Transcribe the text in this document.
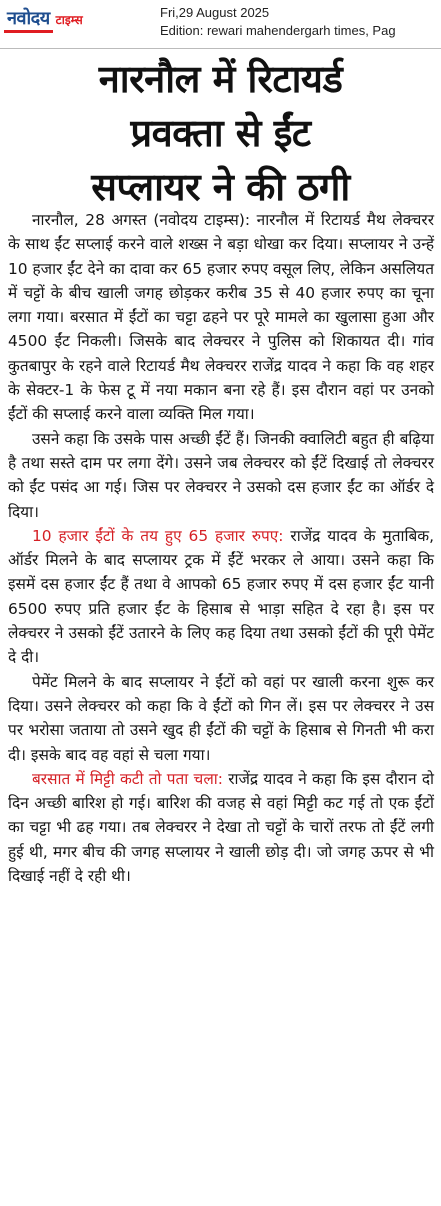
नवोदय टाइम्स	Fri,29 August 2025
Edition: rewari mahendergarh times, Pag
नारनौल में रिटायर्ड
प्रवक्ता से ईंट
सप्लायर ने की ठगी

नारनौल, 28 अगस्त (नवोदय टाइम्स): नारनौल में रिटायर्ड मैथ लेक्चरर के साथ ईंट सप्लाई करने वाले शख्स ने बड़ा धोखा कर दिया। सप्लायर ने उन्हें 10 हजार ईंट देने का दावा कर 65 हजार रुपए वसूल लिए, लेकिन असलियत में चट्टों के बीच खाली जगह छोड़कर करीब 35 से 40 हजार रुपए का चूना लगा गया। बरसात में ईंटों का चट्टा ढहने पर पूरे मामले का खुलासा हुआ और 4500 ईंट निकली। जिसके बाद लेक्चरर ने पुलिस को शिकायत दी। गांव कुतबापुर के रहने वाले रिटायर्ड मैथ लेक्चरर राजेंद्र यादव ने कहा कि वह शहर के सेक्टर-1 के फेस टू में नया मकान बना रहे हैं। इस दौरान वहां पर उनको ईंटों की सप्लाई करने वाला व्यक्ति मिल गया।

उसने कहा कि उसके पास अच्छी ईंटें हैं। जिनकी क्वालिटी बहुत ही बढ़िया है तथा सस्ते दाम पर लगा देंगे। उसने जब लेक्चरर को ईंटें दिखाई तो लेक्चरर को ईंट पसंद आ गई। जिस पर लेक्चरर ने उसको दस हजार ईंट का ऑर्डर दे दिया।

10 हजार ईंटों के तय हुए 65 हजार रुपए: राजेंद्र यादव के मुताबिक, ऑर्डर मिलने के बाद सप्लायर ट्रक में ईंटें भरकर ले आया। उसने कहा कि इसमें दस हजार ईंट हैं तथा वे आपको 65 हजार रुपए में दस हजार ईंट यानी 6500 रुपए प्रति हजार ईंट के हिसाब से भाड़ा सहित दे रहा है। इस पर लेक्चरर ने उसको ईंटें उतारने के लिए कह दिया तथा उसको ईंटों की पूरी पेमेंट दे दी।

पेमेंट मिलने के बाद सप्लायर ने ईंटों को वहां पर खाली करना शुरू कर दिया। उसने लेक्चरर को कहा कि वे ईंटों को गिन लें। इस पर लेक्चरर ने उस पर भरोसा जताया तो उसने खुद ही ईंटों की चट्टों के हिसाब से गिनती भी करा दी। इसके बाद वह वहां से चला गया।

बरसात में मिट्टी कटी तो पता चला: राजेंद्र यादव ने कहा कि इस दौरान दो दिन अच्छी बारिश हो गई। बारिश की वजह से वहां मिट्टी कट गई तो एक ईंटों का चट्टा भी ढह गया। तब लेक्चरर ने देखा तो चट्टों के चारों तरफ तो ईंटें लगी हुई थी, मगर बीच की जगह सप्लायर ने खाली छोड़ दी। जो जगह ऊपर से भी दिखाई नहीं दे रही थी।
